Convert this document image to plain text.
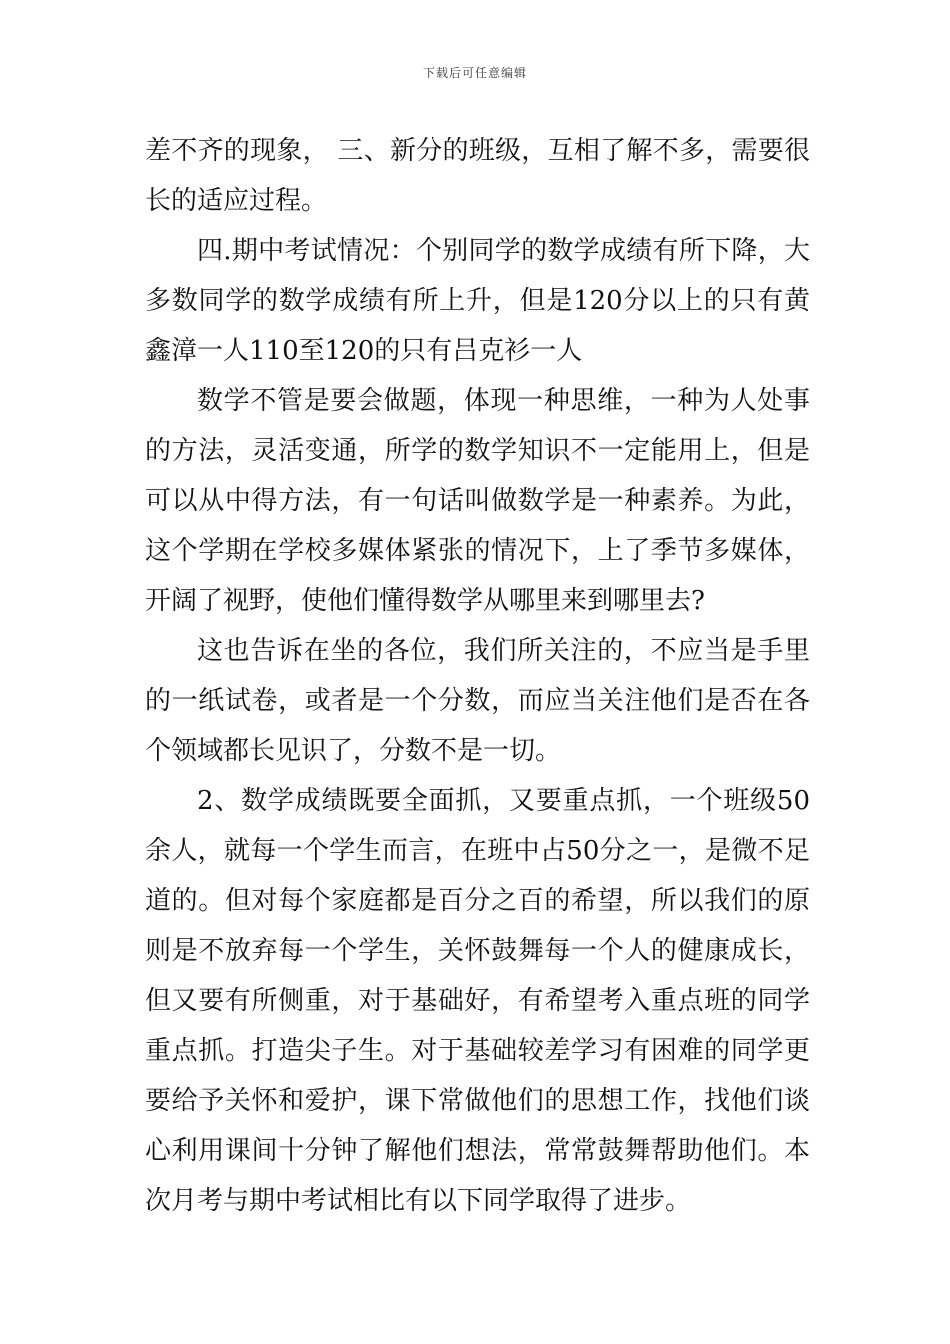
下载后可任意编辑

差不齐的现象， 三、新分的班级，互相了解不多，需要很长的适应过程。

四.期中考试情况：个别同学的数学成绩有所下降，大多数同学的数学成绩有所上升，但是120分以上的只有黄鑫漳一人110至120的只有吕克衫一人

数学不管是要会做题，体现一种思维，一种为人处事的方法，灵活变通，所学的数学知识不一定能用上，但是可以从中得方法，有一句话叫做数学是一种素养。为此，这个学期在学校多媒体紧张的情况下，上了季节多媒体，开阔了视野，使他们懂得数学从哪里来到哪里去?

这也告诉在坐的各位，我们所关注的，不应当是手里的一纸试卷，或者是一个分数，而应当关注他们是否在各个领域都长见识了，分数不是一切。

2、数学成绩既要全面抓，又要重点抓，一个班级50余人，就每一个学生而言，在班中占50分之一，是微不足道的。但对每个家庭都是百分之百的希望，所以我们的原则是不放弃每一个学生，关怀鼓舞每一个人的健康成长，但又要有所侧重，对于基础好，有希望考入重点班的同学重点抓。打造尖子生。对于基础较差学习有困难的同学更要给予关怀和爱护，课下常做他们的思想工作，找他们谈心利用课间十分钟了解他们想法，常常鼓舞帮助他们。本次月考与期中考试相比有以下同学取得了进步。
